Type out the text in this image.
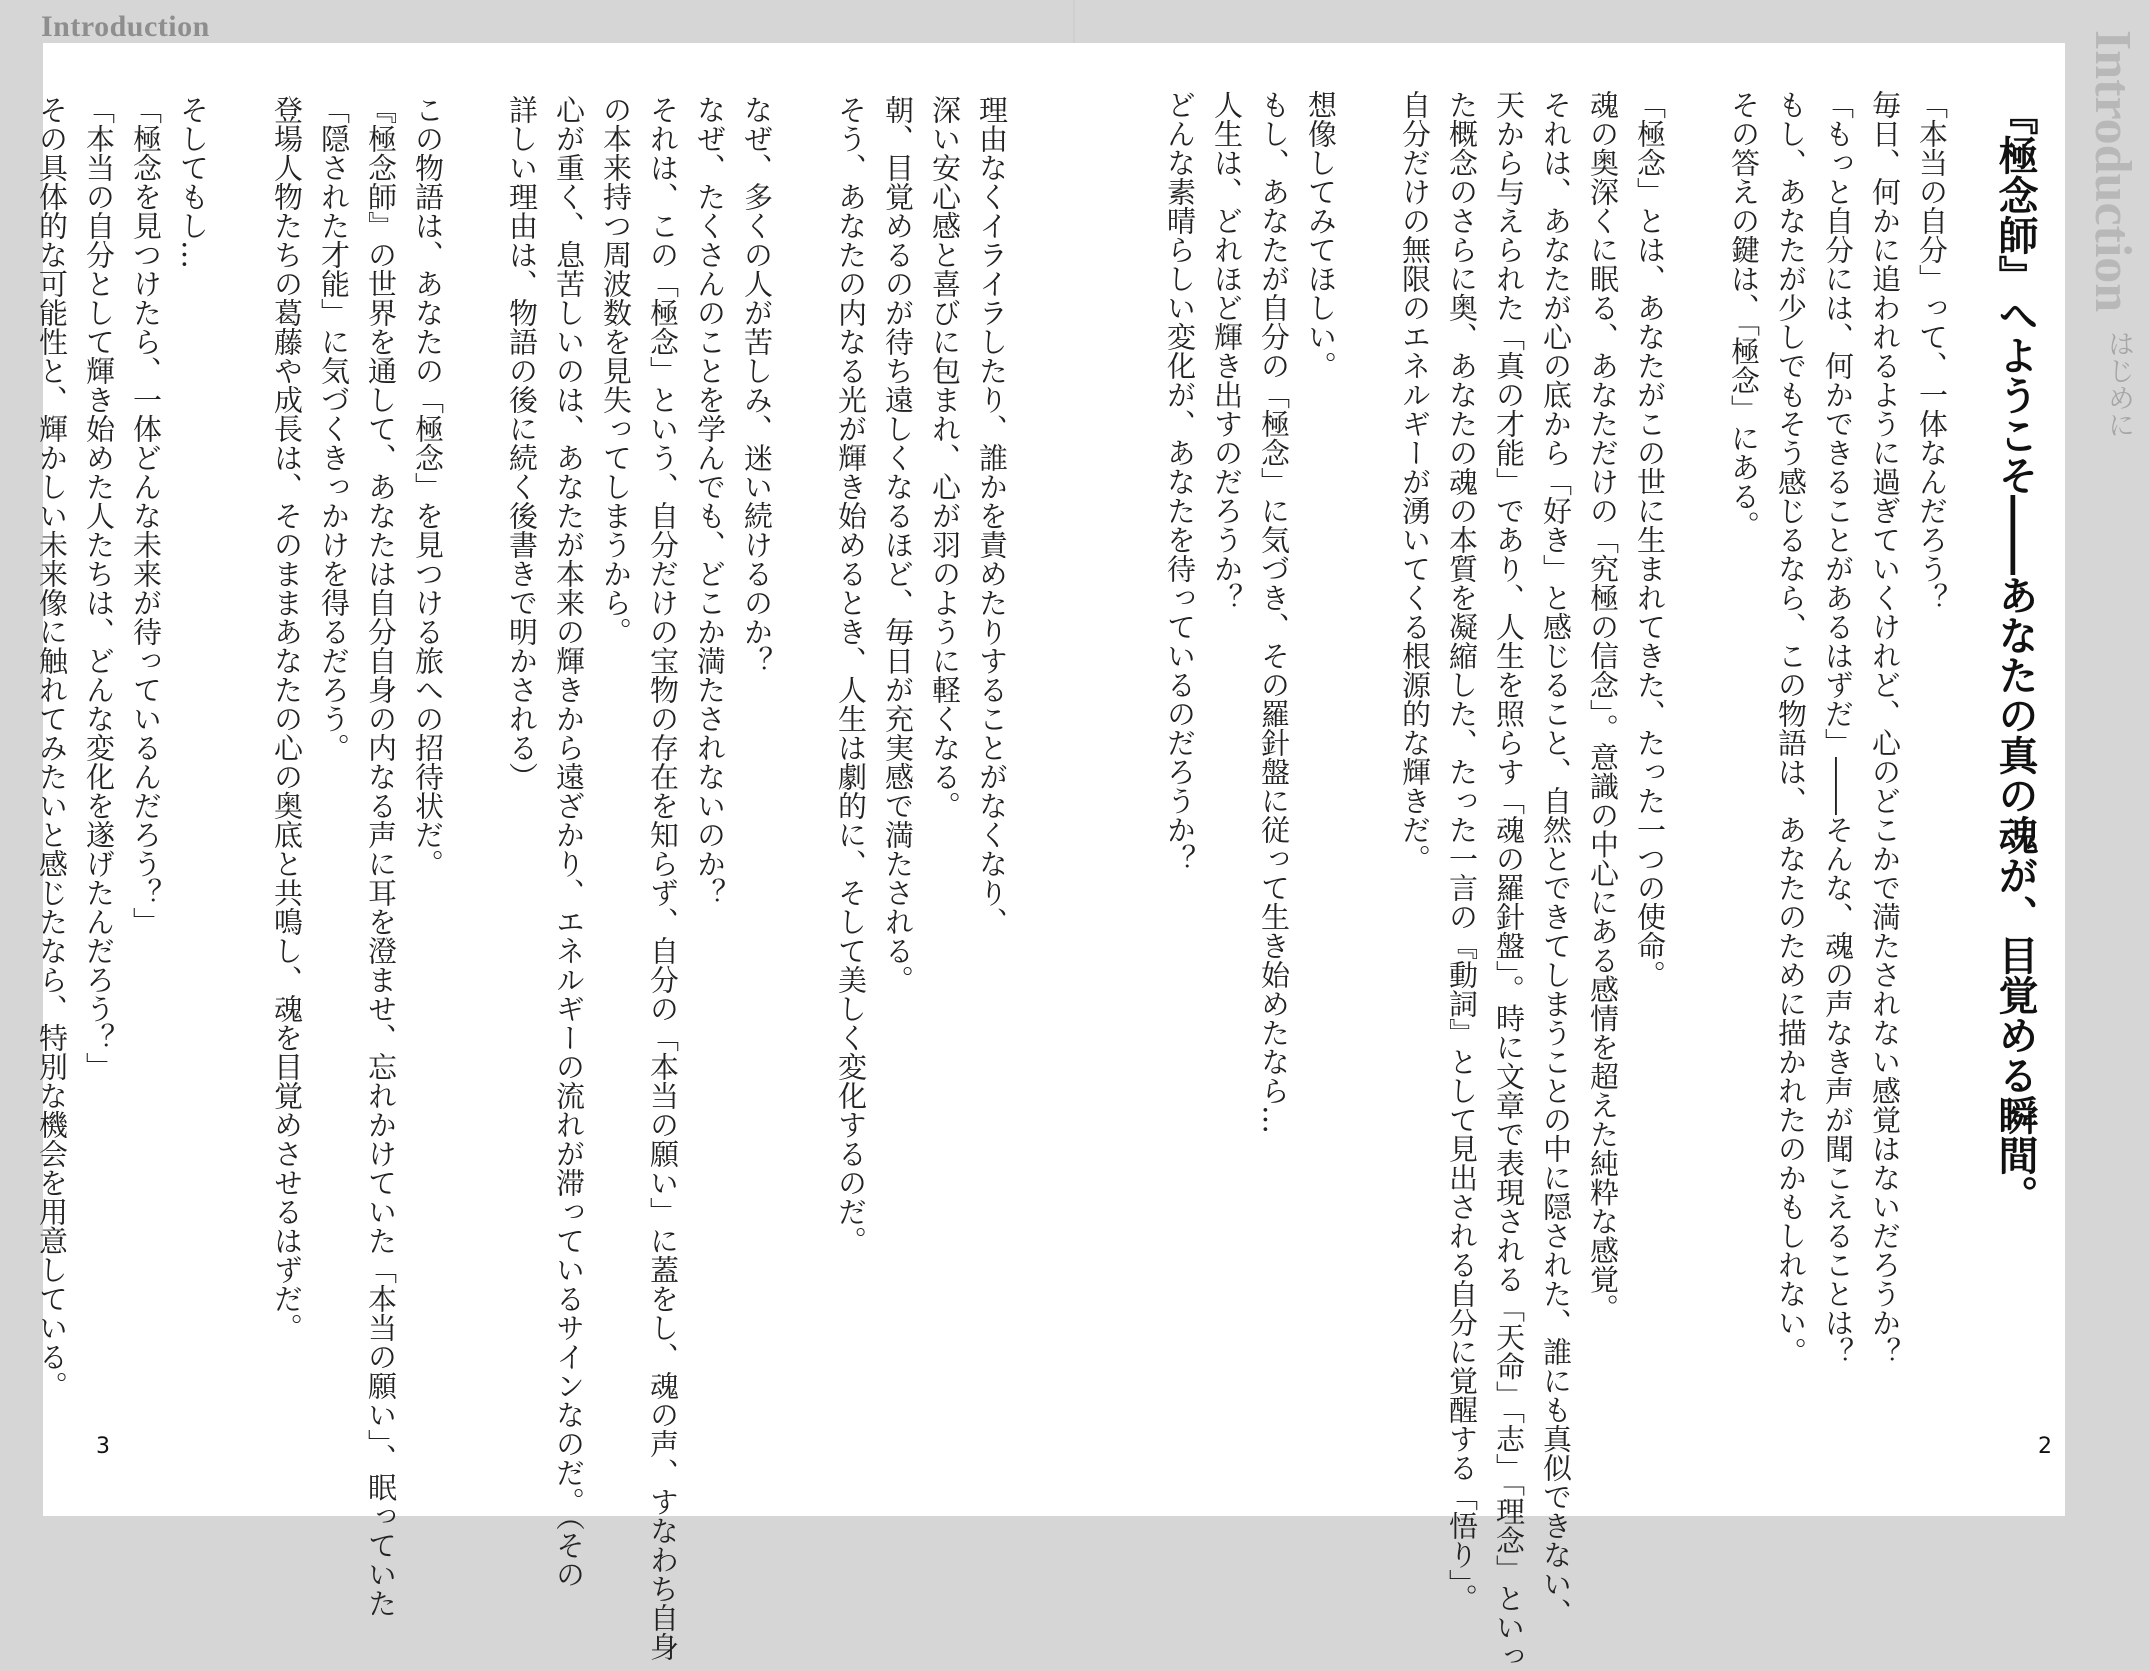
Introduction
理由なくイライラしたり、誰かを責めたりすることがなくなり、
深い安心感と喜びに包まれ、心が羽のように軽くなる。
朝、目覚めるのが待ち遠しくなるほど、毎日が充実感で満たされる。
そう、あなたの内なる光が輝き始めるとき、人生は劇的に、そして美しく変化するのだ。

なぜ、多くの人が苦しみ、迷い続けるのか？
なぜ、たくさんのことを学んでも、どこか満たされないのか？
それは、この「極念」という、自分だけの宝物の存在を知らず、自分の「本当の願い」に蓋をし、魂の声、すなわち自身
の本来持つ周波数を見失ってしまうから。
心が重く、息苦しいのは、あなたが本来の輝きから遠ざかり、エネルギーの流れが滞っているサインなのだ。（その
詳しい理由は、物語の後に続く後書きで明かされる）

この物語は、あなたの「極念」を見つける旅への招待状だ。
『極念師』の世界を通して、あなたは自分自身の内なる声に耳を澄ませ、忘れかけていた「本当の願い」、眠っていた
「隠された才能」に気づくきっかけを得るだろう。
登場人物たちの葛藤や成長は、そのままあなたの心の奥底と共鳴し、魂を目覚めさせるはずだ。

そしてもし…
「極念を見つけたら、一体どんな未来が待っているんだろう？」
「本当の自分として輝き始めた人たちは、どんな変化を遂げたんだろう？」
その具体的な可能性と、輝かしい未来像に触れてみたいと感じたなら、特別な機会を用意している。	『極念師』へようこそ――あなたの真の魂が、目覚める瞬間。
「本当の自分」って、一体なんだろう？
毎日、何かに追われるように過ぎていくけれど、心のどこかで満たされない感覚はないだろうか？
「もっと自分には、何かできることがあるはずだ」――そんな、魂の声なき声が聞こえることは？
もし、あなたが少しでもそう感じるなら、この物語は、あなたのために描かれたのかもしれない。
その答えの鍵は、「極念」にある。

「極念」とは、あなたがこの世に生まれてきた、たった一つの使命。
魂の奥深くに眠る、あなただけの「究極の信念」。意識の中心にある感情を超えた純粋な感覚。
それは、あなたが心の底から「好き」と感じること、自然とできてしまうことの中に隠された、誰にも真似できない、
天から与えられた「真の才能」であり、人生を照らす「魂の羅針盤」。時に文章で表現される「天命」「志」「理念」といっ
た概念のさらに奥、あなたの魂の本質を凝縮した、たった一言の『動詞』として見出される自分に覚醒する「悟り」。
自分だけの無限のエネルギーが湧いてくる根源的な輝きだ。

想像してみてほしい。
もし、あなたが自分の「極念」に気づき、その羅針盤に従って生き始めたなら…
人生は、どれほど輝き出すのだろうか？
どんな素晴らしい変化が、あなたを待っているのだろうか？	Introduction
はじめに
3	2
